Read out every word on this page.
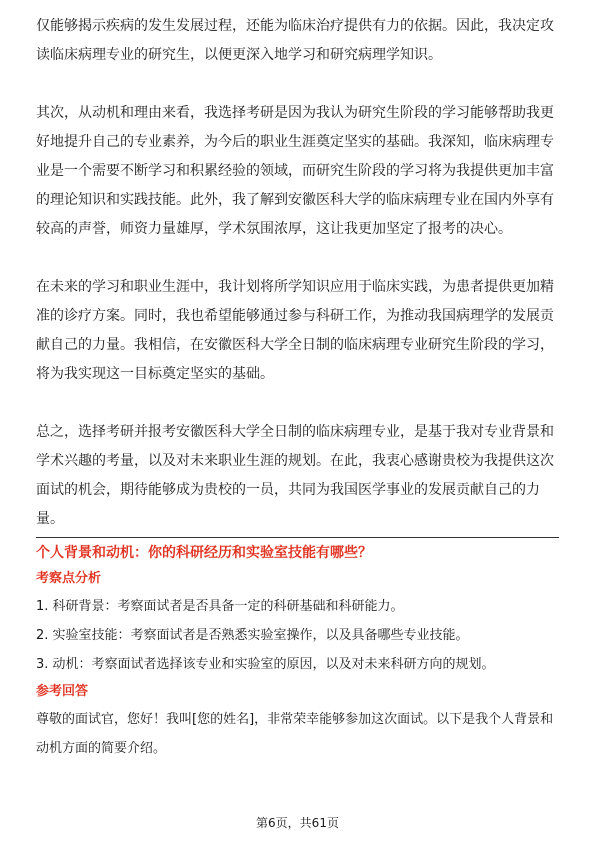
仅能够揭示疾病的发生发展过程，还能为临床治疗提供有力的依据。因此，我决定攻读临床病理专业的研究生，以便更深入地学习和研究病理学知识。

其次，从动机和理由来看，我选择考研是因为我认为研究生阶段的学习能够帮助我更好地提升自己的专业素养，为今后的职业生涯奠定坚实的基础。我深知，临床病理专业是一个需要不断学习和积累经验的领域，而研究生阶段的学习将为我提供更加丰富的理论知识和实践技能。此外，我了解到安徽医科大学的临床病理专业在国内外享有较高的声誉，师资力量雄厚，学术氛围浓厚，这让我更加坚定了报考的决心。

在未来的学习和职业生涯中，我计划将所学知识应用于临床实践，为患者提供更加精准的诊疗方案。同时，我也希望能够通过参与科研工作，为推动我国病理学的发展贡献自己的力量。我相信，在安徽医科大学全日制的临床病理专业研究生阶段的学习，将为我实现这一目标奠定坚实的基础。

总之，选择考研并报考安徽医科大学全日制的临床病理专业，是基于我对专业背景和学术兴趣的考量，以及对未来职业生涯的规划。在此，我衷心感谢贵校为我提供这次面试的机会，期待能够成为贵校的一员，共同为我国医学事业的发展贡献自己的力量。

个人背景和动机：你的科研经历和实验室技能有哪些？

考察点分析

1. 科研背景：考察面试者是否具备一定的科研基础和科研能力。

2. 实验室技能：考察面试者是否熟悉实验室操作，以及具备哪些专业技能。

3. 动机：考察面试者选择该专业和实验室的原因，以及对未来科研方向的规划。

参考回答

尊敬的面试官，您好！我叫[您的姓名]，非常荣幸能够参加这次面试。以下是我个人背景和动机方面的简要介绍。

第6页，共61页
